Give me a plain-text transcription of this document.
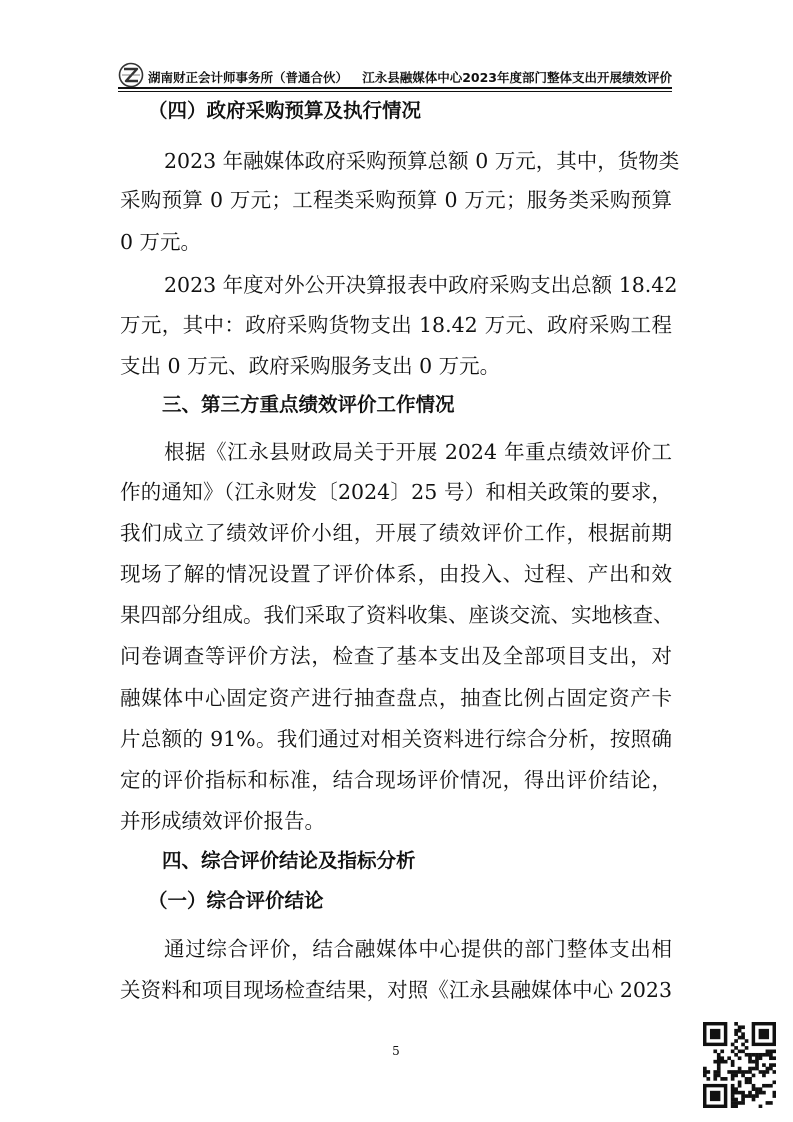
湖南财正会计师事务所（普通合伙） 江永县融媒体中心2023年度部门整体支出开展绩效评价
（四）政府采购预算及执行情况
2023 年融媒体政府采购预算总额 0 万元，其中，货物类
采购预算 0 万元；工程类采购预算 0 万元；服务类采购预算
0 万元。
2023 年度对外公开决算报表中政府采购支出总额 18.42
万元，其中：政府采购货物支出 18.42 万元、政府采购工程
支出 0 万元、政府采购服务支出 0 万元。
三、第三方重点绩效评价工作情况
根据《江永县财政局关于开展 2024 年重点绩效评价工
作的通知》（江永财发〔2024〕25 号）和相关政策的要求，
我们成立了绩效评价小组，开展了绩效评价工作，根据前期
现场了解的情况设置了评价体系，由投入、过程、产出和效
果四部分组成。我们采取了资料收集、座谈交流、实地核查、
问卷调查等评价方法，检查了基本支出及全部项目支出，对
融媒体中心固定资产进行抽查盘点，抽查比例占固定资产卡
片总额的 91%。我们通过对相关资料进行综合分析，按照确
定的评价指标和标准，结合现场评价情况，得出评价结论，
并形成绩效评价报告。
四、综合评价结论及指标分析
（一）综合评价结论
通过综合评价，结合融媒体中心提供的部门整体支出相
关资料和项目现场检查结果，对照《江永县融媒体中心 2023
5
